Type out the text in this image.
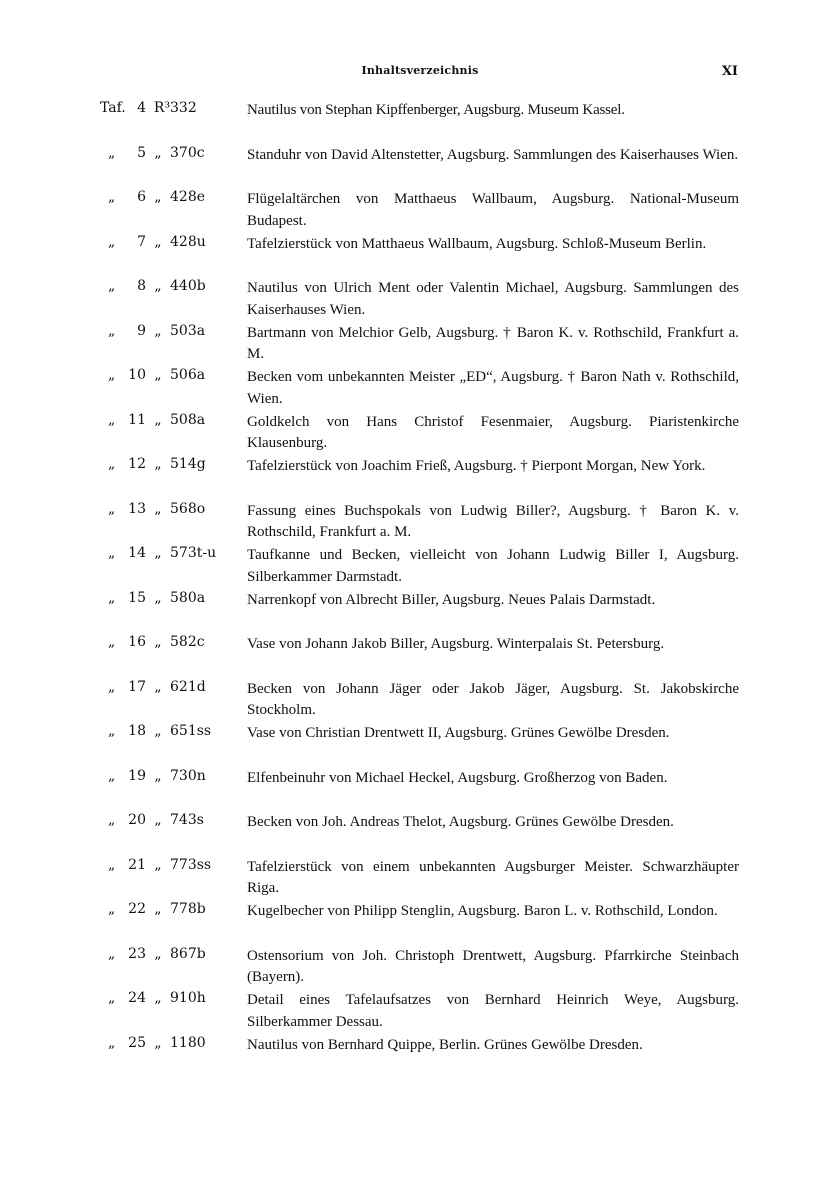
Inhaltsverzeichnis	XI
Taf. 4 R³ 332	Nautilus von Stephan Kipffenberger, Augsburg. Museum Kassel.
„	5 „ 370c	Standuhr von David Altenstetter, Augsburg. Sammlungen des Kaiserhauses Wien.
„	6 „ 428e	Flügelaltärchen von Matthaeus Wallbaum, Augsburg. National-Museum Budapest.
„	7 „ 428u	Tafelzierstück von Matthaeus Wallbaum, Augsburg. Schloß-Museum Berlin.
„	8 „ 440b	Nautilus von Ulrich Ment oder Valentin Michael, Augsburg. Sammlungen des Kaiserhauses Wien.
„	9 „ 503a	Bartmann von Melchior Gelb, Augsburg. † Baron K. v. Rothschild, Frankfurt a. M.
„ 10 „ 506a	Becken vom unbekannten Meister „ED“, Augsburg. † Baron Nath v. Rothschild, Wien.
„ 11 „ 508a	Goldkelch von Hans Christof Fesenmaier, Augsburg. Piaristenkirche Klausenburg.
„ 12 „ 514g	Tafelzierstück von Joachim Frieß, Augsburg. † Pierpont Morgan, New York.
„ 13 „ 568o	Fassung eines Buchspokals von Ludwig Biller?, Augsburg. † Baron K. v. Rothschild, Frankfurt a. M.
„ 14 „ 573t-u Taufkanne und Becken, vielleicht von Johann Ludwig Biller I, Augsburg. Silberkammer Darmstadt.
„ 15 „ 580a	Narrenkopf von Albrecht Biller, Augsburg. Neues Palais Darmstadt.
„ 16 „ 582c	Vase von Johann Jakob Biller, Augsburg. Winterpalais St. Petersburg.
„ 17 „ 621d	Becken von Johann Jäger oder Jakob Jäger, Augsburg. St. Jakobskirche Stockholm.
„ 18 „ 651ss Vase von Christian Drentwett II, Augsburg. Grünes Gewölbe Dresden.
„ 19 „ 730n	Elfenbeinuhr von Michael Heckel, Augsburg. Großherzog von Baden.
„ 20 „ 743s	Becken von Joh. Andreas Thelot, Augsburg. Grünes Gewölbe Dresden.
„ 21 „ 773ss Tafelzierstück von einem unbekannten Augsburger Meister. Schwarzhäupter Riga.
„ 22 „ 778b	Kugelbecher von Philipp Stenglin, Augsburg. Baron L. v. Rothschild, London.
„ 23 „ 867b	Ostensorium von Joh. Christoph Drentwett, Augsburg. Pfarrkirche Steinbach (Bayern).
„ 24 „ 910h	Detail eines Tafelaufsatzes von Bernhard Heinrich Weye, Augsburg. Silberkammer Dessau.
„ 25 „ 1180	Nautilus von Bernhard Quippe, Berlin. Grünes Gewölbe Dresden.
